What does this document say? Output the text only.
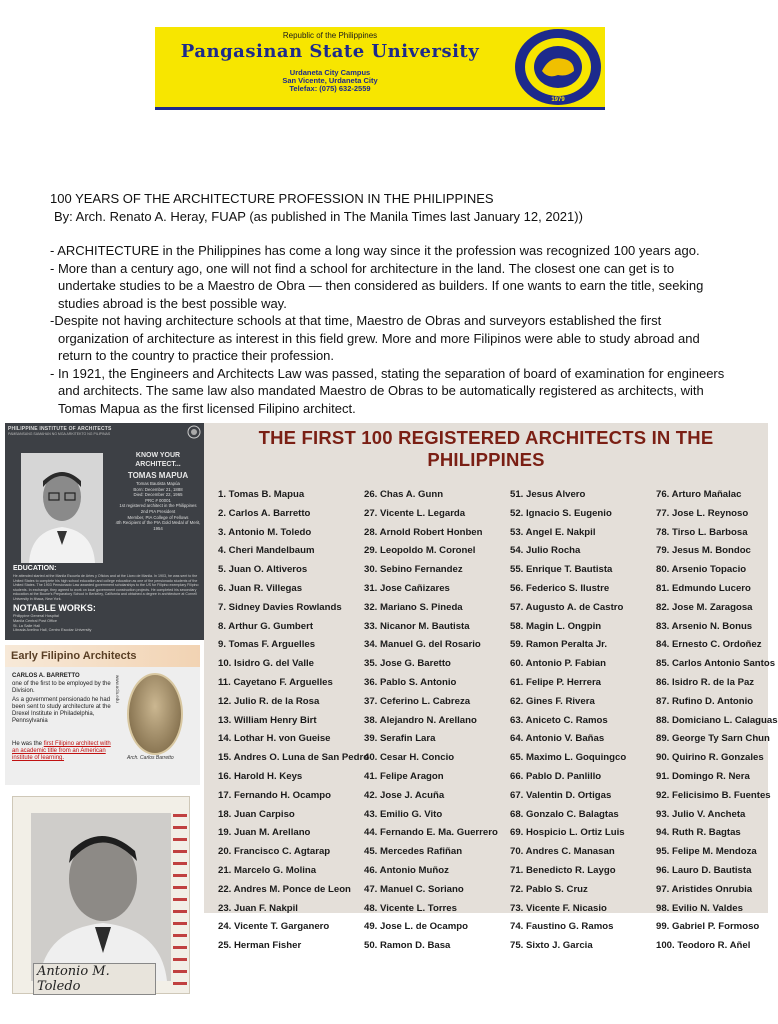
Republic of the Philippines
Pangasinan State University
Urdaneta City Campus
San Vicente, Urdaneta City
Telefax: (075) 632-2559
1979

100 YEARS OF THE ARCHITECTURE PROFESSION IN THE PHILIPPINES

By: Arch. Renato A. Heray, FUAP (as published in The Manila Times last January 12, 2021))

- ARCHITECTURE in the Philippines has come a long way since it the profession was recognized 100 years ago.

- More than a century ago, one will not find a school for architecture in the land. The closest one can get is to undertake studies to be a Maestro de Obra — then considered as builders. If one wants to earn the title, seeking studies abroad is the best possible way.

-Despite not having architecture schools at that time, Maestro de Obras and surveyors established the first organization of architecture as interest in this field grew. More and more Filipinos were able to study abroad and return to the country to practice their profession.

- In 1921, the Engineers and Architects Law was passed, stating the separation of board of examination for engineers and architects. The same law also mandated Maestro de Obras to be automatically registered as architects, with Tomas Mapua as the first licensed Filipino architect.

PHILIPPINE INSTITUTE OF ARCHITECTS
PAMBANSANG SAMAHAN NG MGA ARKITEKTO NG PILIPINAS
KNOW YOUR ARCHITECT...
TOMAS MAPUA
Tomas Bautista Mapúa
Born: December 21, 1888
Died: December 22, 1965
PRC # 00001
1st registered architect in the Philippines
2nd PIA President
Member, PIA College of Fellows
4th Recipient of the PIA Gold Medal of Merit, 1954
EDUCATION:
He attended started at the Manila Escuela de Artes y Oficios and at the Liceo de Manila. In 1903, he was sent to the United States to complete his high school education and college education as one of the pensionado students of the United States. The 1903 Pensionado Law awarded government scholarships to the US for Filipino exemplary Filipino students. In exchange, they agreed to work on local government construction projects. He completed his secondary education at the Boone's Preparatory School in Berkeley, California and obtained a degree in architecture at Cornell University in Ithaca, New York.
NOTABLE WORKS:
Philippine General Hospital
Manila Central Post Office
St. La Salle Hall
Librada Avelino Hall, Centro Escolar University
Early Filipino Architects
CARLOS A. BARRETTO
one of the first to be employed by the Division.
As a government pensionado he had been sent to study architecture at the Drexel Institute in Philadelphia, Pennsylvania
He was the first Filipino architect with an academic title from an American institute of learning.
www.ucla.edu
Arch. Carlos Barretto
Antonio M. Toledo
THE FIRST 100 REGISTERED ARCHITECTS IN THE PHILIPPINES
1. Tomas B. Mapua
2. Carlos A. Barretto
3. Antonio M. Toledo
4. Cheri Mandelbaum
5. Juan O. Altiveros
6. Juan R. Villegas
7. Sidney Davies Rowlands
8. Arthur G. Gumbert
9. Tomas F. Arguelles
10. Isidro G. del Valle
11. Cayetano F. Arguelles
12. Julio R. de la Rosa
13. William Henry Birt
14. Lothar H. von Gueise
15. Andres O. Luna de San Pedro
16. Harold H. Keys
17. Fernando H. Ocampo
18. Juan Carpiso
19. Juan M. Arellano
20. Francisco C. Agtarap
21. Marcelo G. Molina
22. Andres M. Ponce de Leon
23. Juan F. Nakpil
24. Vicente T. Garganero
25. Herman Fisher
26. Chas A. Gunn
27. Vicente L. Legarda
28. Arnold Robert Honben
29. Leopoldo M. Coronel
30. Sebino Fernandez
31. Jose Cañizares
32. Mariano S. Pineda
33. Nicanor M. Bautista
34. Manuel G. del Rosario
35. Jose G. Baretto
36. Pablo S. Antonio
37. Ceferino L. Cabreza
38. Alejandro N. Arellano
39. Serafin Lara
40. Cesar H. Concio
41. Felipe Aragon
42. Jose J. Acuña
43. Emilio G. Vito
44. Fernando E. Ma. Guerrero
45. Mercedes Rafiñan
46. Antonio Muñoz
47. Manuel C. Soriano
48. Vicente L. Torres
49. Jose L. de Ocampo
50. Ramon D. Basa
51. Jesus Alvero
52. Ignacio S. Eugenio
53. Angel E. Nakpil
54. Julio Rocha
55. Enrique T. Bautista
56. Federico S. Ilustre
57. Augusto A. de Castro
58. Magin L. Ongpin
59. Ramon Peralta Jr.
60. Antonio P. Fabian
61. Felipe P. Herrera
62. Gines F. Rivera
63. Aniceto C. Ramos
64. Antonio V. Bañas
65. Maximo L. Goquingco
66. Pablo D. Panlillo
67. Valentin D. Ortigas
68. Gonzalo C. Balagtas
69. Hospicio L. Ortiz Luis
70. Andres C. Manasan
71. Benedicto R. Laygo
72. Pablo S. Cruz
73. Vicente F. Nicasio
74. Faustino G. Ramos
75. Sixto J. Garcia
76. Arturo Mañalac
77. Jose L. Reynoso
78. Tirso L. Barbosa
79. Jesus M. Bondoc
80. Arsenio Topacio
81. Edmundo Lucero
82. Jose M. Zaragosa
83. Arsenio N. Bonus
84. Ernesto C. Ordoñez
85. Carlos Antonio Santos
86. Isidro R. de la Paz
87. Rufino D. Antonio
88. Domiciano L. Calaguas
89. George Ty Sarn Chun
90. Quirino R. Gonzales
91. Domingo R. Nera
92. Felicisimo B. Fuentes
93. Julio V. Ancheta
94. Ruth R. Bagtas
95. Felipe M. Mendoza
96. Lauro D. Bautista
97. Aristides Onrubia
98. Evilio N. Valdes
99. Gabriel P. Formoso
100. Teodoro R. Añel
